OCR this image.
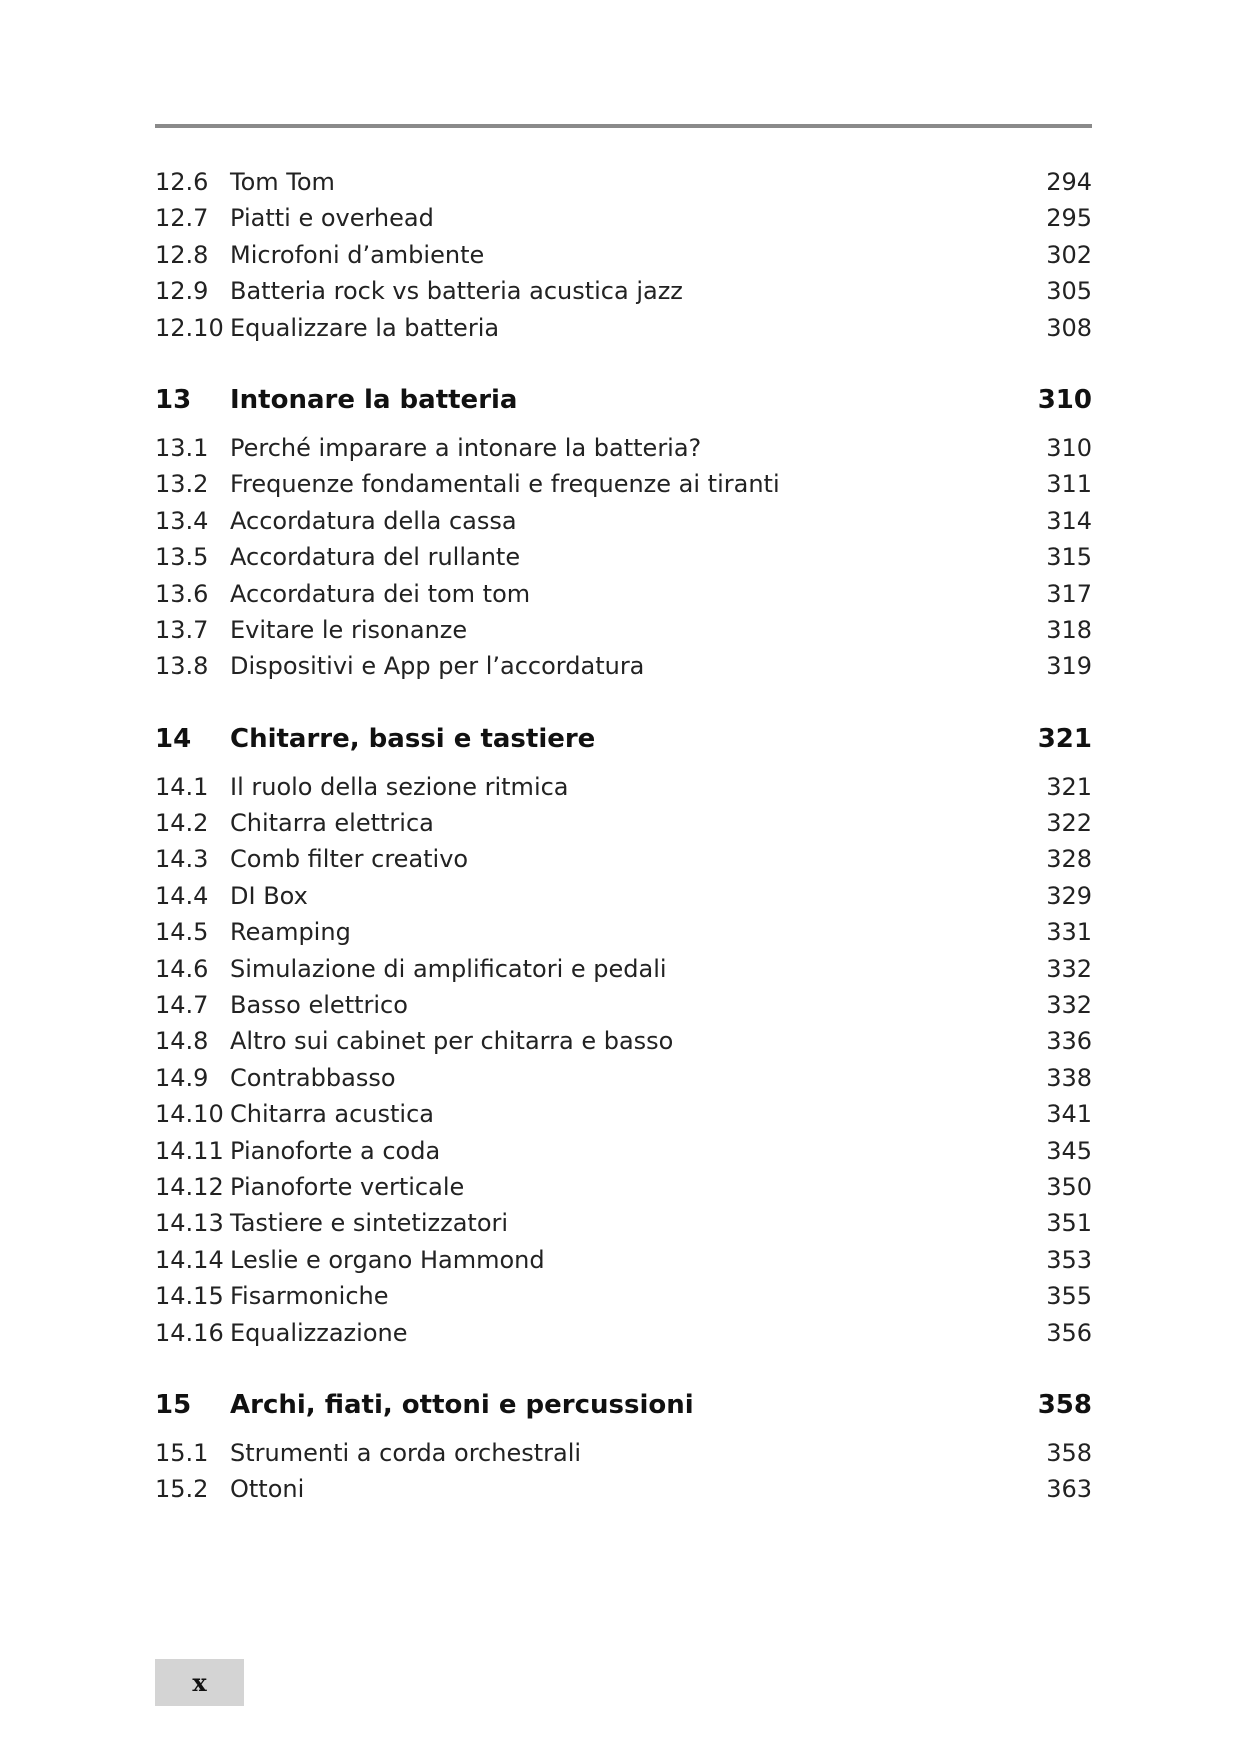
12.6 Tom Tom	294
12.7 Piatti e overhead	295
12.8 Microfoni d’ambiente	302
12.9 Batteria rock vs batteria acustica jazz	305
12.10 Equalizzare la batteria	308
13	Intonare la batteria	310
13.1 Perché imparare a intonare la batteria?	310
13.2 Frequenze fondamentali e frequenze ai tiranti	311
13.4 Accordatura della cassa	314
13.5 Accordatura del rullante	315
13.6 Accordatura dei tom tom	317
13.7 Evitare le risonanze	318
13.8 Dispositivi e App per l’accordatura	319
14	Chitarre, bassi e tastiere	321
14.1 Il ruolo della sezione ritmica	321
14.2 Chitarra elettrica	322
14.3 Comb filter creativo	328
14.4 DI Box	329
14.5 Reamping	331
14.6 Simulazione di amplificatori e pedali	332
14.7 Basso elettrico	332
14.8 Altro sui cabinet per chitarra e basso	336
14.9 Contrabbasso	338
14.10 Chitarra acustica	341
14.11 Pianoforte a coda	345
14.12 Pianoforte verticale	350
14.13 Tastiere e sintetizzatori	351
14.14 Leslie e organo Hammond	353
14.15 Fisarmoniche	355
14.16 Equalizzazione	356
15	Archi, fiati, ottoni e percussioni	358
15.1 Strumenti a corda orchestrali	358
15.2 Ottoni	363
x
